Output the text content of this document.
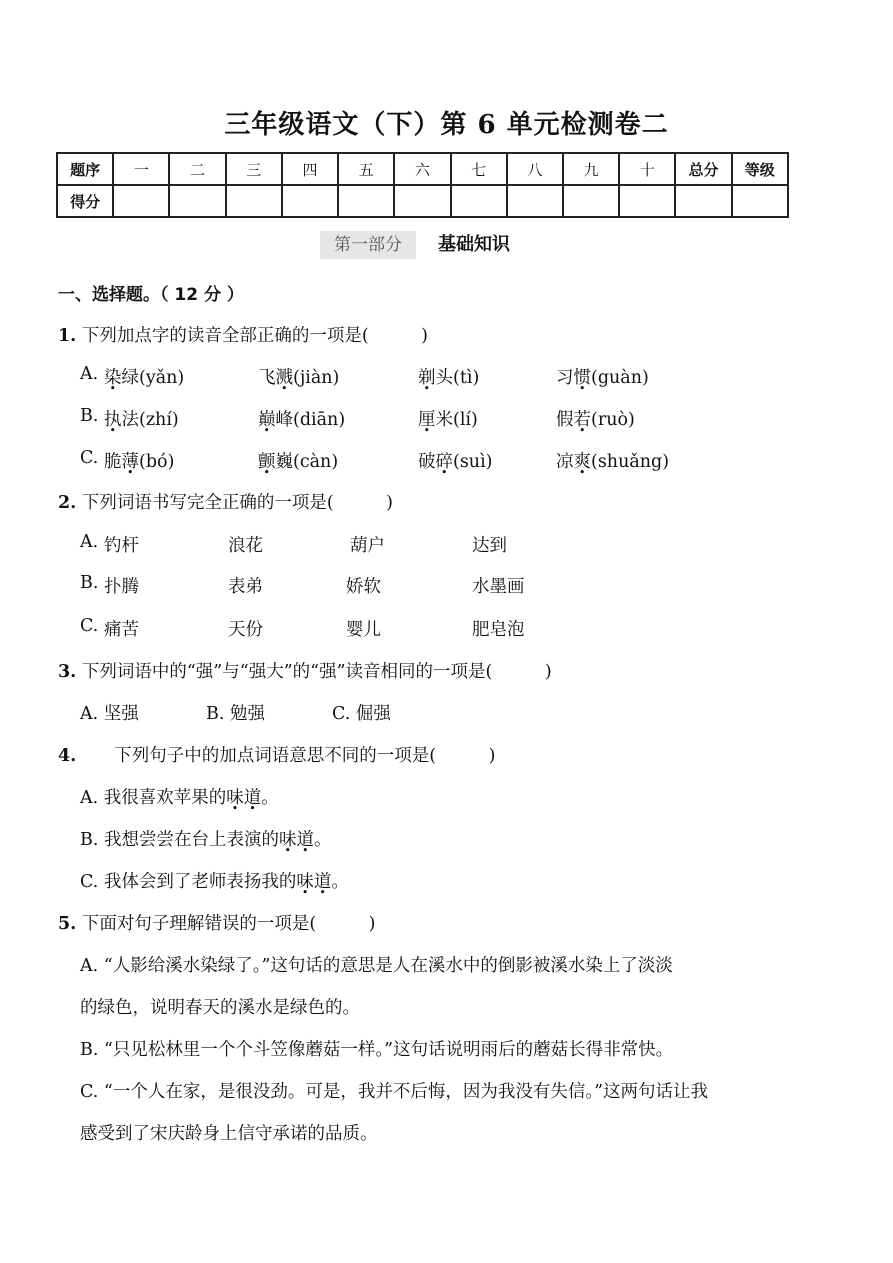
三年级语文（下）第 6 单元检测卷二
题序	一	二	三	四	五	六	七	八	九	十	总分	等级
得分												
第一部分	基础知识
一、选择题。（ 12 分 ）
1. 下列加点字的读音全部正确的一项是(　　　)
A. 染绿(yǎn)	飞溅(jiàn)	剃头(tì)	习惯(guàn)
B. 执法(zhí)	巅峰(diān)	厘米(lí)	假若(ruò)
C. 脆薄(bó)	颤巍(càn)	破碎(suì)	凉爽(shuǎng)
2. 下列词语书写完全正确的一项是(　　　)
A. 钓杆	浪花	葫户	达到
B. 扑腾	表弟	娇软	水墨画
C. 痛苦	天份	婴儿	肥皂泡
3. 下列词语中的“强”与“强大”的“强”读音相同的一项是(　　　)
A. 坚强	B. 勉强	C. 倔强
4. 下列句子中的加点词语意思不同的一项是(　　　)
A. 我很喜欢苹果的味道。
B. 我想尝尝在台上表演的味道。
C. 我体会到了老师表扬我的味道。
5. 下面对句子理解错误的一项是(　　　)
A. “人影给溪水染绿了。”这句话的意思是人在溪水中的倒影被溪水染上了淡淡
的绿色，说明春天的溪水是绿色的。
B. “只见松林里一个个斗笠像蘑菇一样。”这句话说明雨后的蘑菇长得非常快。
C. “一个人在家，是很没劲。可是，我并不后悔，因为我没有失信。”这两句话让我
感受到了宋庆龄身上信守承诺的品质。
